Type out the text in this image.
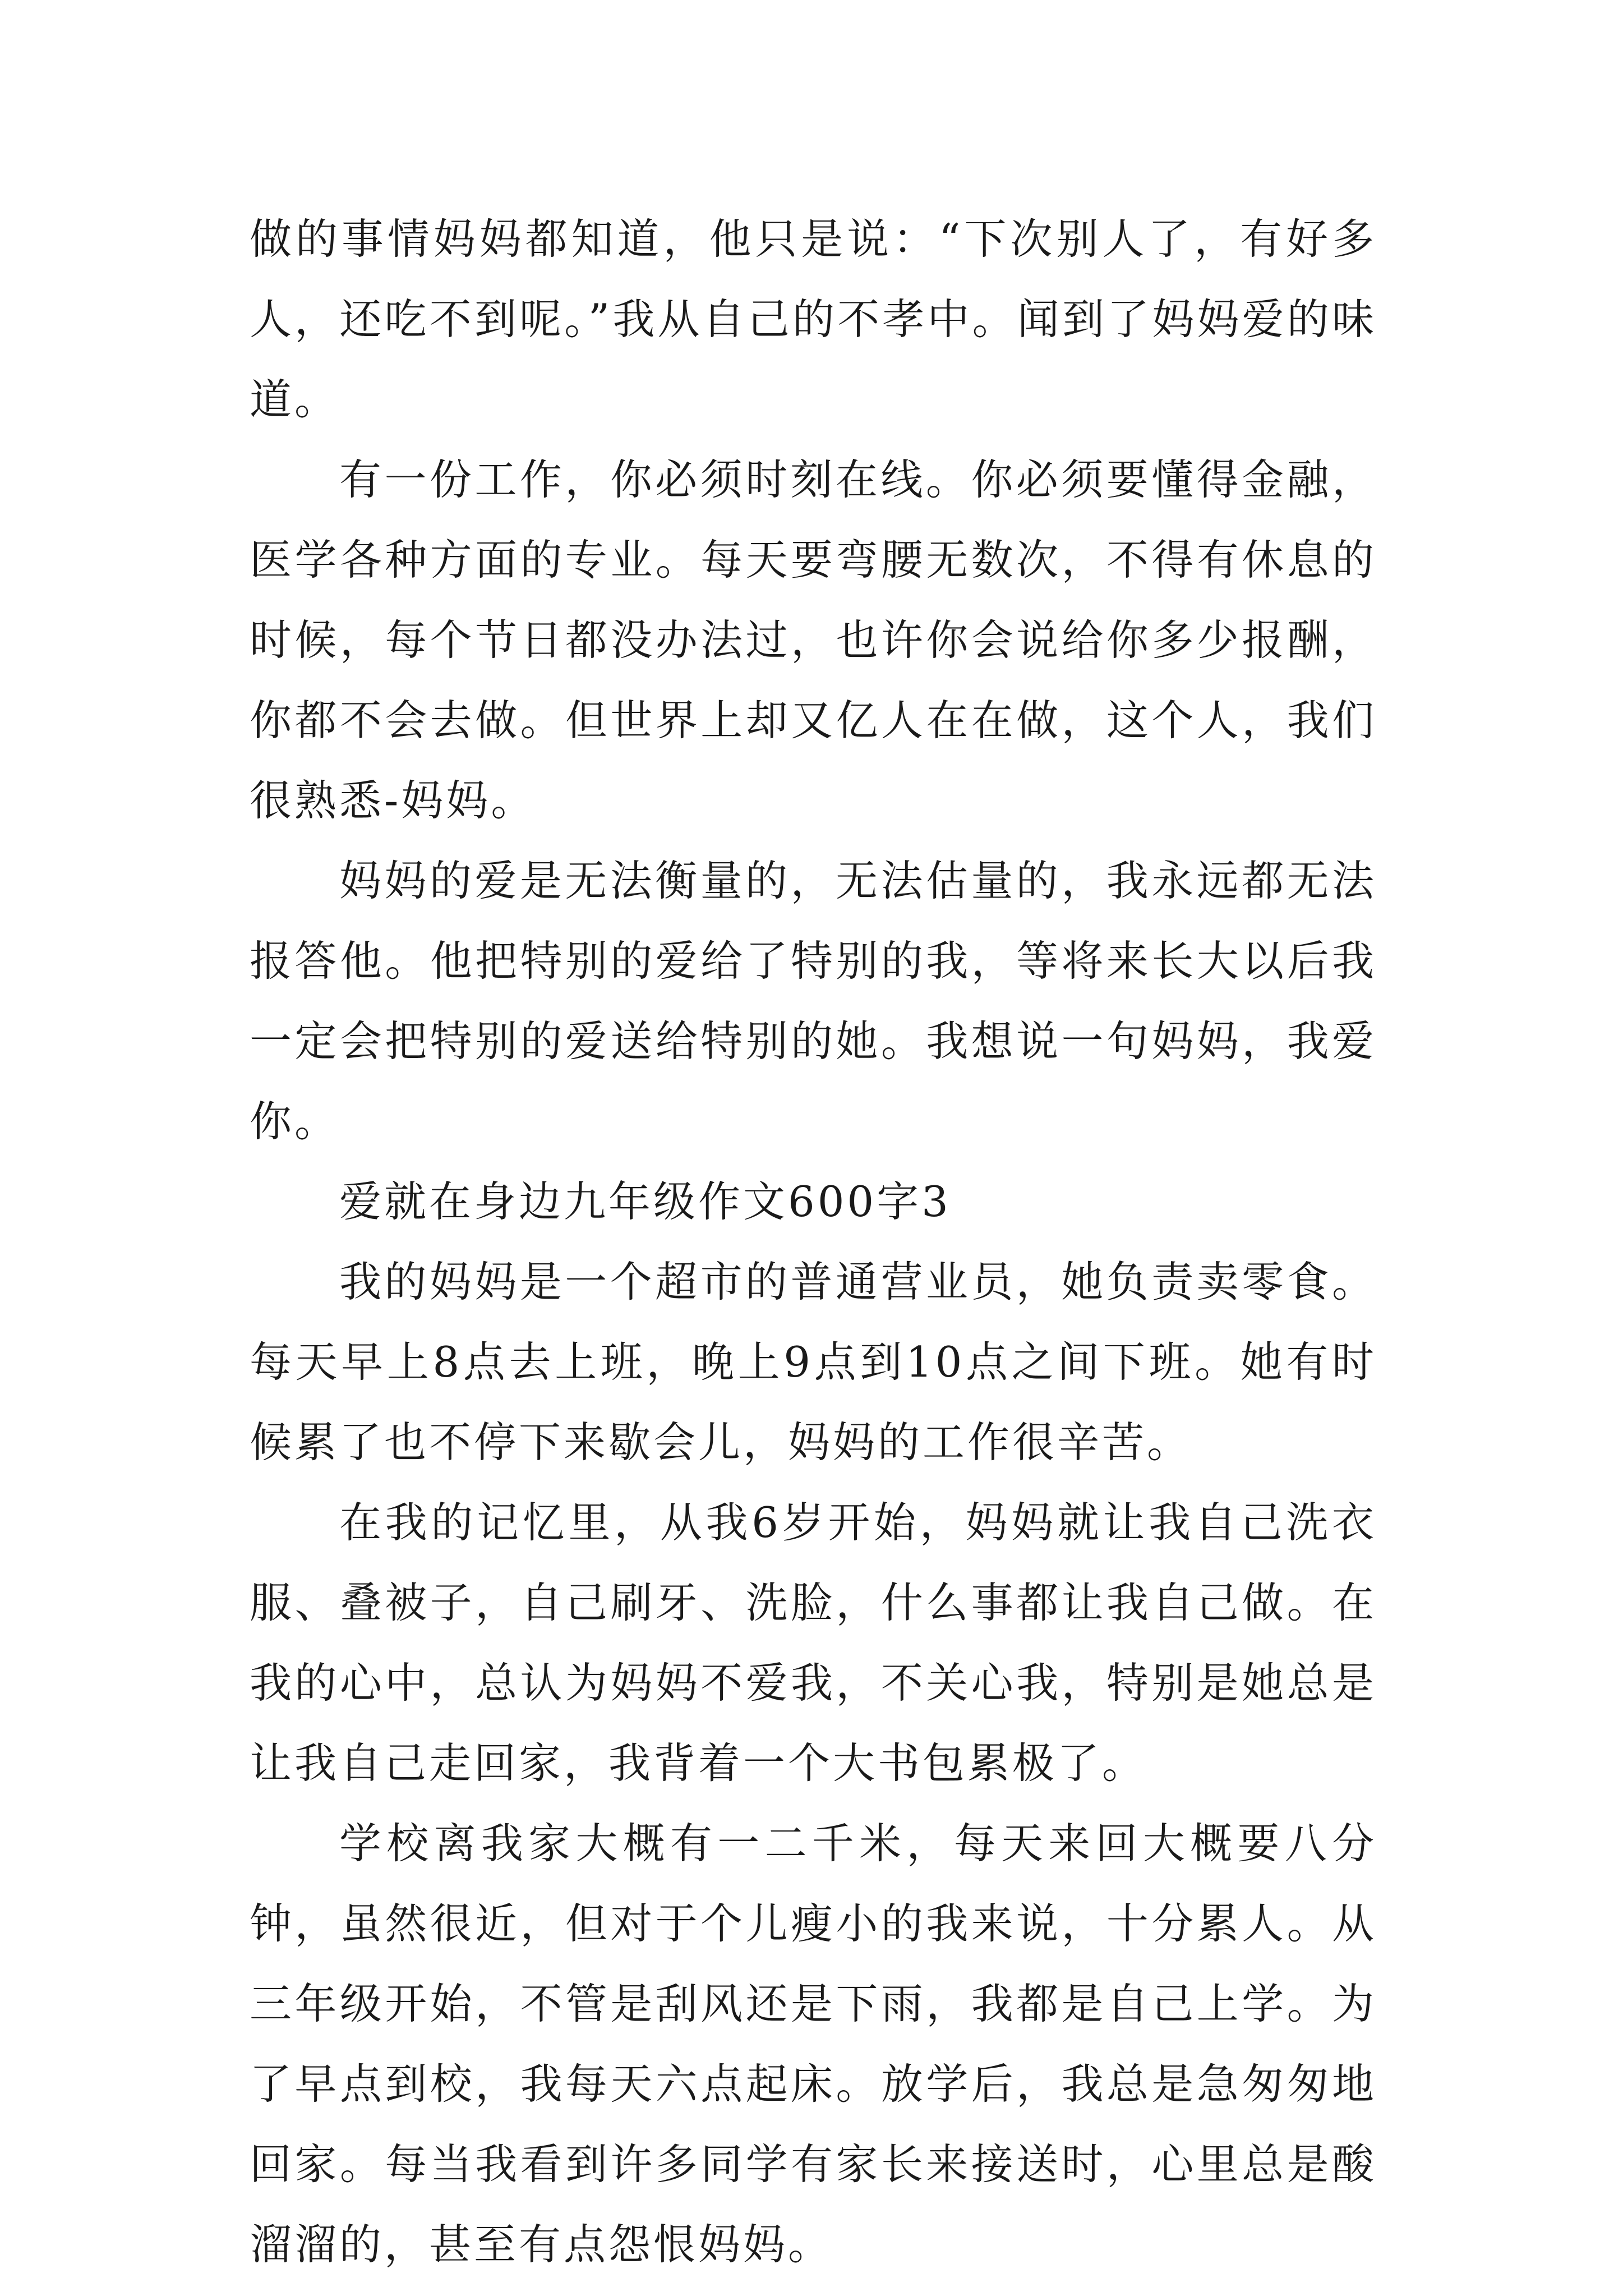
做的事情妈妈都知道，他只是说：“下次别人了，有好多人，还吃不到呢。”我从自己的不孝中。闻到了妈妈爱的味道。

有一份工作，你必须时刻在线。你必须要懂得金融，医学各种方面的专业。每天要弯腰无数次，不得有休息的时候，每个节日都没办法过，也许你会说给你多少报酬，你都不会去做。但世界上却又亿人在在做，这个人，我们很熟悉-妈妈。

妈妈的爱是无法衡量的，无法估量的，我永远都无法报答他。他把特别的爱给了特别的我，等将来长大以后我一定会把特别的爱送给特别的她。我想说一句妈妈，我爱你。

爱就在身边九年级作文600字3

我的妈妈是一个超市的普通营业员，她负责卖零食。每天早上8点去上班，晚上9点到10点之间下班。她有时候累了也不停下来歇会儿，妈妈的工作很辛苦。

在我的记忆里，从我6岁开始，妈妈就让我自己洗衣服、叠被子，自己刷牙、洗脸，什么事都让我自己做。在我的心中，总认为妈妈不爱我，不关心我，特别是她总是让我自己走回家，我背着一个大书包累极了。

学校离我家大概有一二千米，每天来回大概要八分钟，虽然很近，但对于个儿瘦小的我来说，十分累人。从三年级开始，不管是刮风还是下雨，我都是自己上学。为了早点到校，我每天六点起床。放学后，我总是急匆匆地回家。每当我看到许多同学有家长来接送时，心里总是酸溜溜的，甚至有点怨恨妈妈。
